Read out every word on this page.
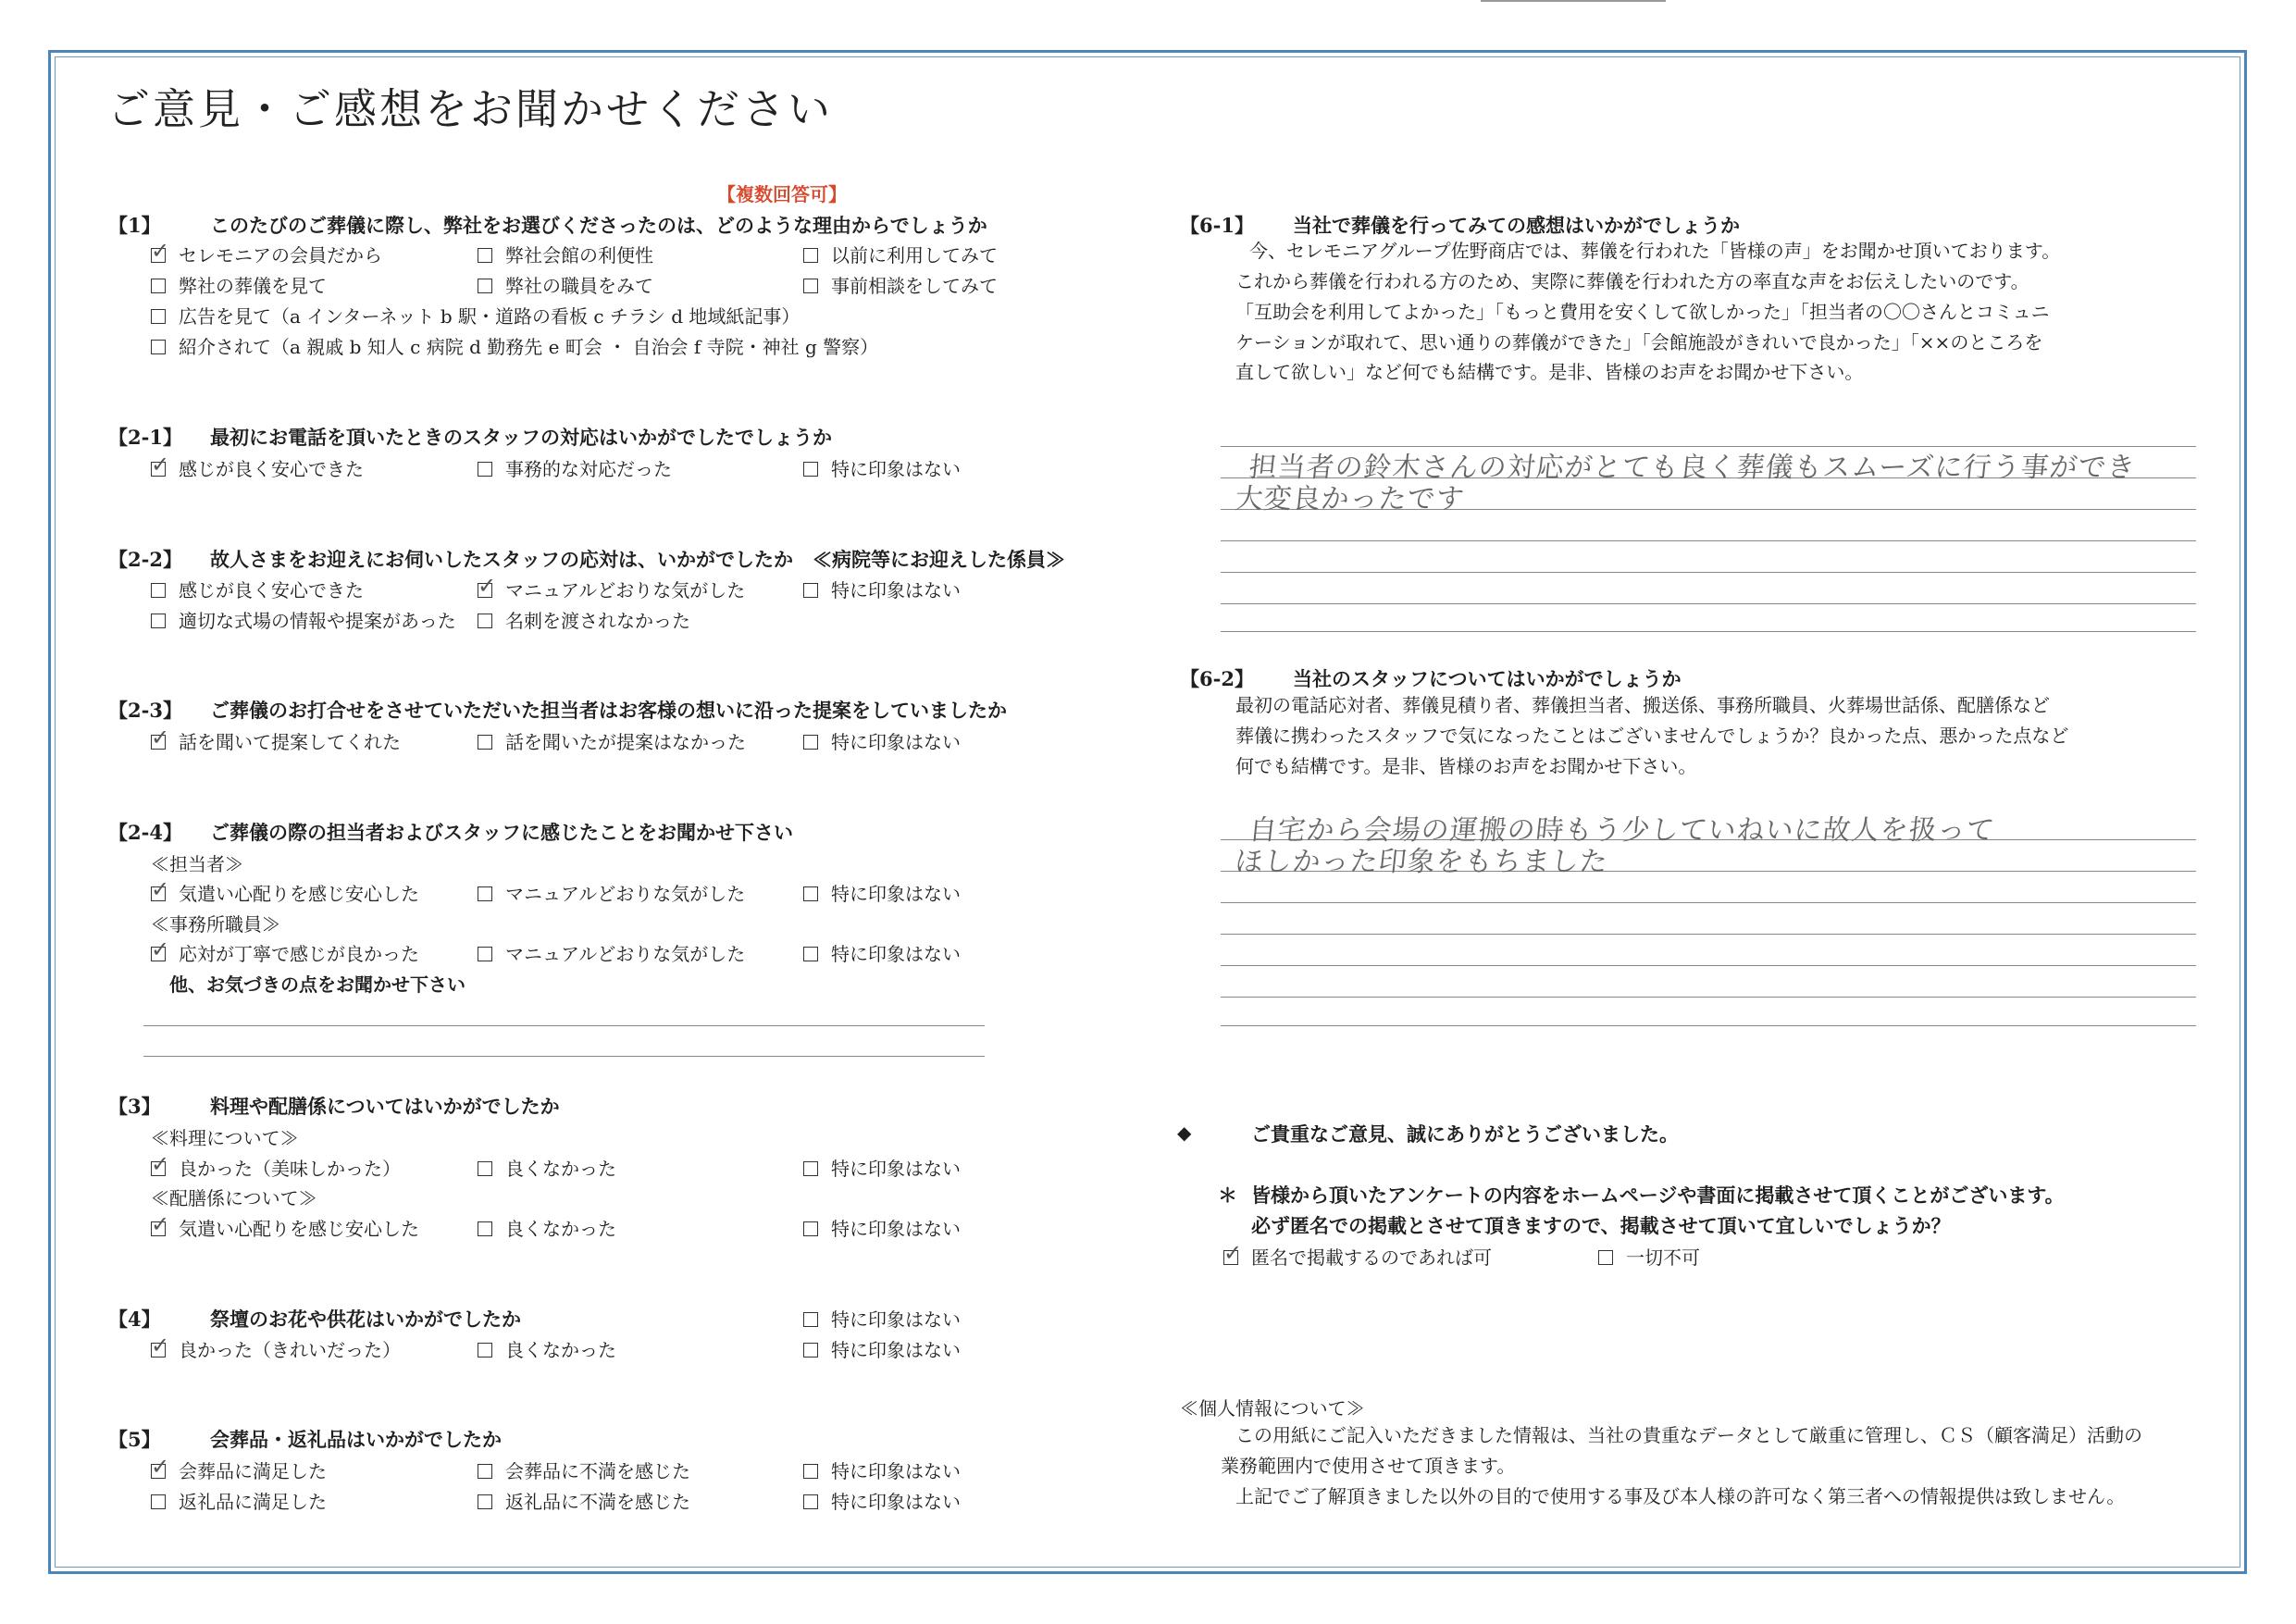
ご意見・ご感想をお聞かせください
【複数回答可】
【1】	このたびのご葬儀に際し、弊社をお選びくださったのは、どのような理由からでしょうか
✓セレモニアの会員だから	弊社会館の利便性	以前に利用してみて
弊社の葬儀を見て	弊社の職員をみて	事前相談をしてみて
広告を見て（a インターネット b 駅・道路の看板 c チラシ d 地域紙記事）
紹介されて（a 親戚 b 知人 c 病院 d 勤務先 e 町会 ・ 自治会 f 寺院・神社 g 警察）
【2-1】 最初にお電話を頂いたときのスタッフの対応はいかがでしたでしょうか
✓感じが良く安心できた	事務的な対応だった	特に印象はない
【2-2】 故人さまをお迎えにお伺いしたスタッフの応対は、いかがでしたか　≪病院等にお迎えした係員≫
感じが良く安心できた
✓	マニュアルどおりな気がした	特に印象はない
適切な式場の情報や提案があった	名刺を渡されなかった
【2-3】 ご葬儀のお打合せをさせていただいた担当者はお客様の想いに沿った提案をしていましたか
✓話を聞いて提案してくれた	話を聞いたが提案はなかった	特に印象はない
【2-4】 ご葬儀の際の担当者およびスタッフに感じたことをお聞かせ下さい
≪担当者≫
✓気遣い心配りを感じ安心した	マニュアルどおりな気がした	特に印象はない
≪事務所職員≫
✓応対が丁寧で感じが良かった	マニュアルどおりな気がした	特に印象はない
他、お気づきの点をお聞かせ下さい
【3】	料理や配膳係についてはいかがでしたか
≪料理について≫
✓良かった（美味しかった）	良くなかった	特に印象はない
≪配膳係について≫
✓気遣い心配りを感じ安心した	良くなかった	特に印象はない
【4】	祭壇のお花や供花はいかがでしたか	特に印象はない
✓良かった（きれいだった）	良くなかった	特に印象はない
【5】	会葬品・返礼品はいかがでしたか
✓会葬品に満足した	会葬品に不満を感じた	特に印象はない
返礼品に満足した	返礼品に不満を感じた	特に印象はない
【6-1】 当社で葬儀を行ってみての感想はいかがでしょうか
今、セレモニアグループ佐野商店では、葬儀を行われた「皆様の声」をお聞かせ頂いております。
これから葬儀を行われる方のため、実際に葬儀を行われた方の率直な声をお伝えしたいのです。
「互助会を利用してよかった」「もっと費用を安くして欲しかった」「担当者の〇〇さんとコミュニ
ケーションが取れて、思い通りの葬儀ができた」「会館施設がきれいで良かった」「××のところを
直して欲しい」など何でも結構です。是非、皆様のお声をお聞かせ下さい。
担当者の鈴木さんの対応がとても良く葬儀もスムーズに行う事ができ
大変良かったです
【6-2】 当社のスタッフについてはいかがでしょうか
最初の電話応対者、葬儀見積り者、葬儀担当者、搬送係、事務所職員、火葬場世話係、配膳係など
葬儀に携わったスタッフで気になったことはございませんでしょうか？良かった点、悪かった点など
何でも結構です。是非、皆様のお声をお聞かせ下さい。
自宅から会場の運搬の時もう少していねいに故人を扱って
ほしかった印象をもちました
◆	ご貴重なご意見、誠にありがとうございました。
＊ 皆様から頂いたアンケートの内容をホームページや書面に掲載させて頂くことがございます。
必ず匿名での掲載とさせて頂きますので、掲載させて頂いて宜しいでしょうか？
✓匿名で掲載するのであれば可	一切不可
≪個人情報について≫
この用紙にご記入いただきました情報は、当社の貴重なデータとして厳重に管理し、ＣＳ（顧客満足）活動の
業務範囲内で使用させて頂きます。
上記でご了解頂きました以外の目的で使用する事及び本人様の許可なく第三者への情報提供は致しません。
